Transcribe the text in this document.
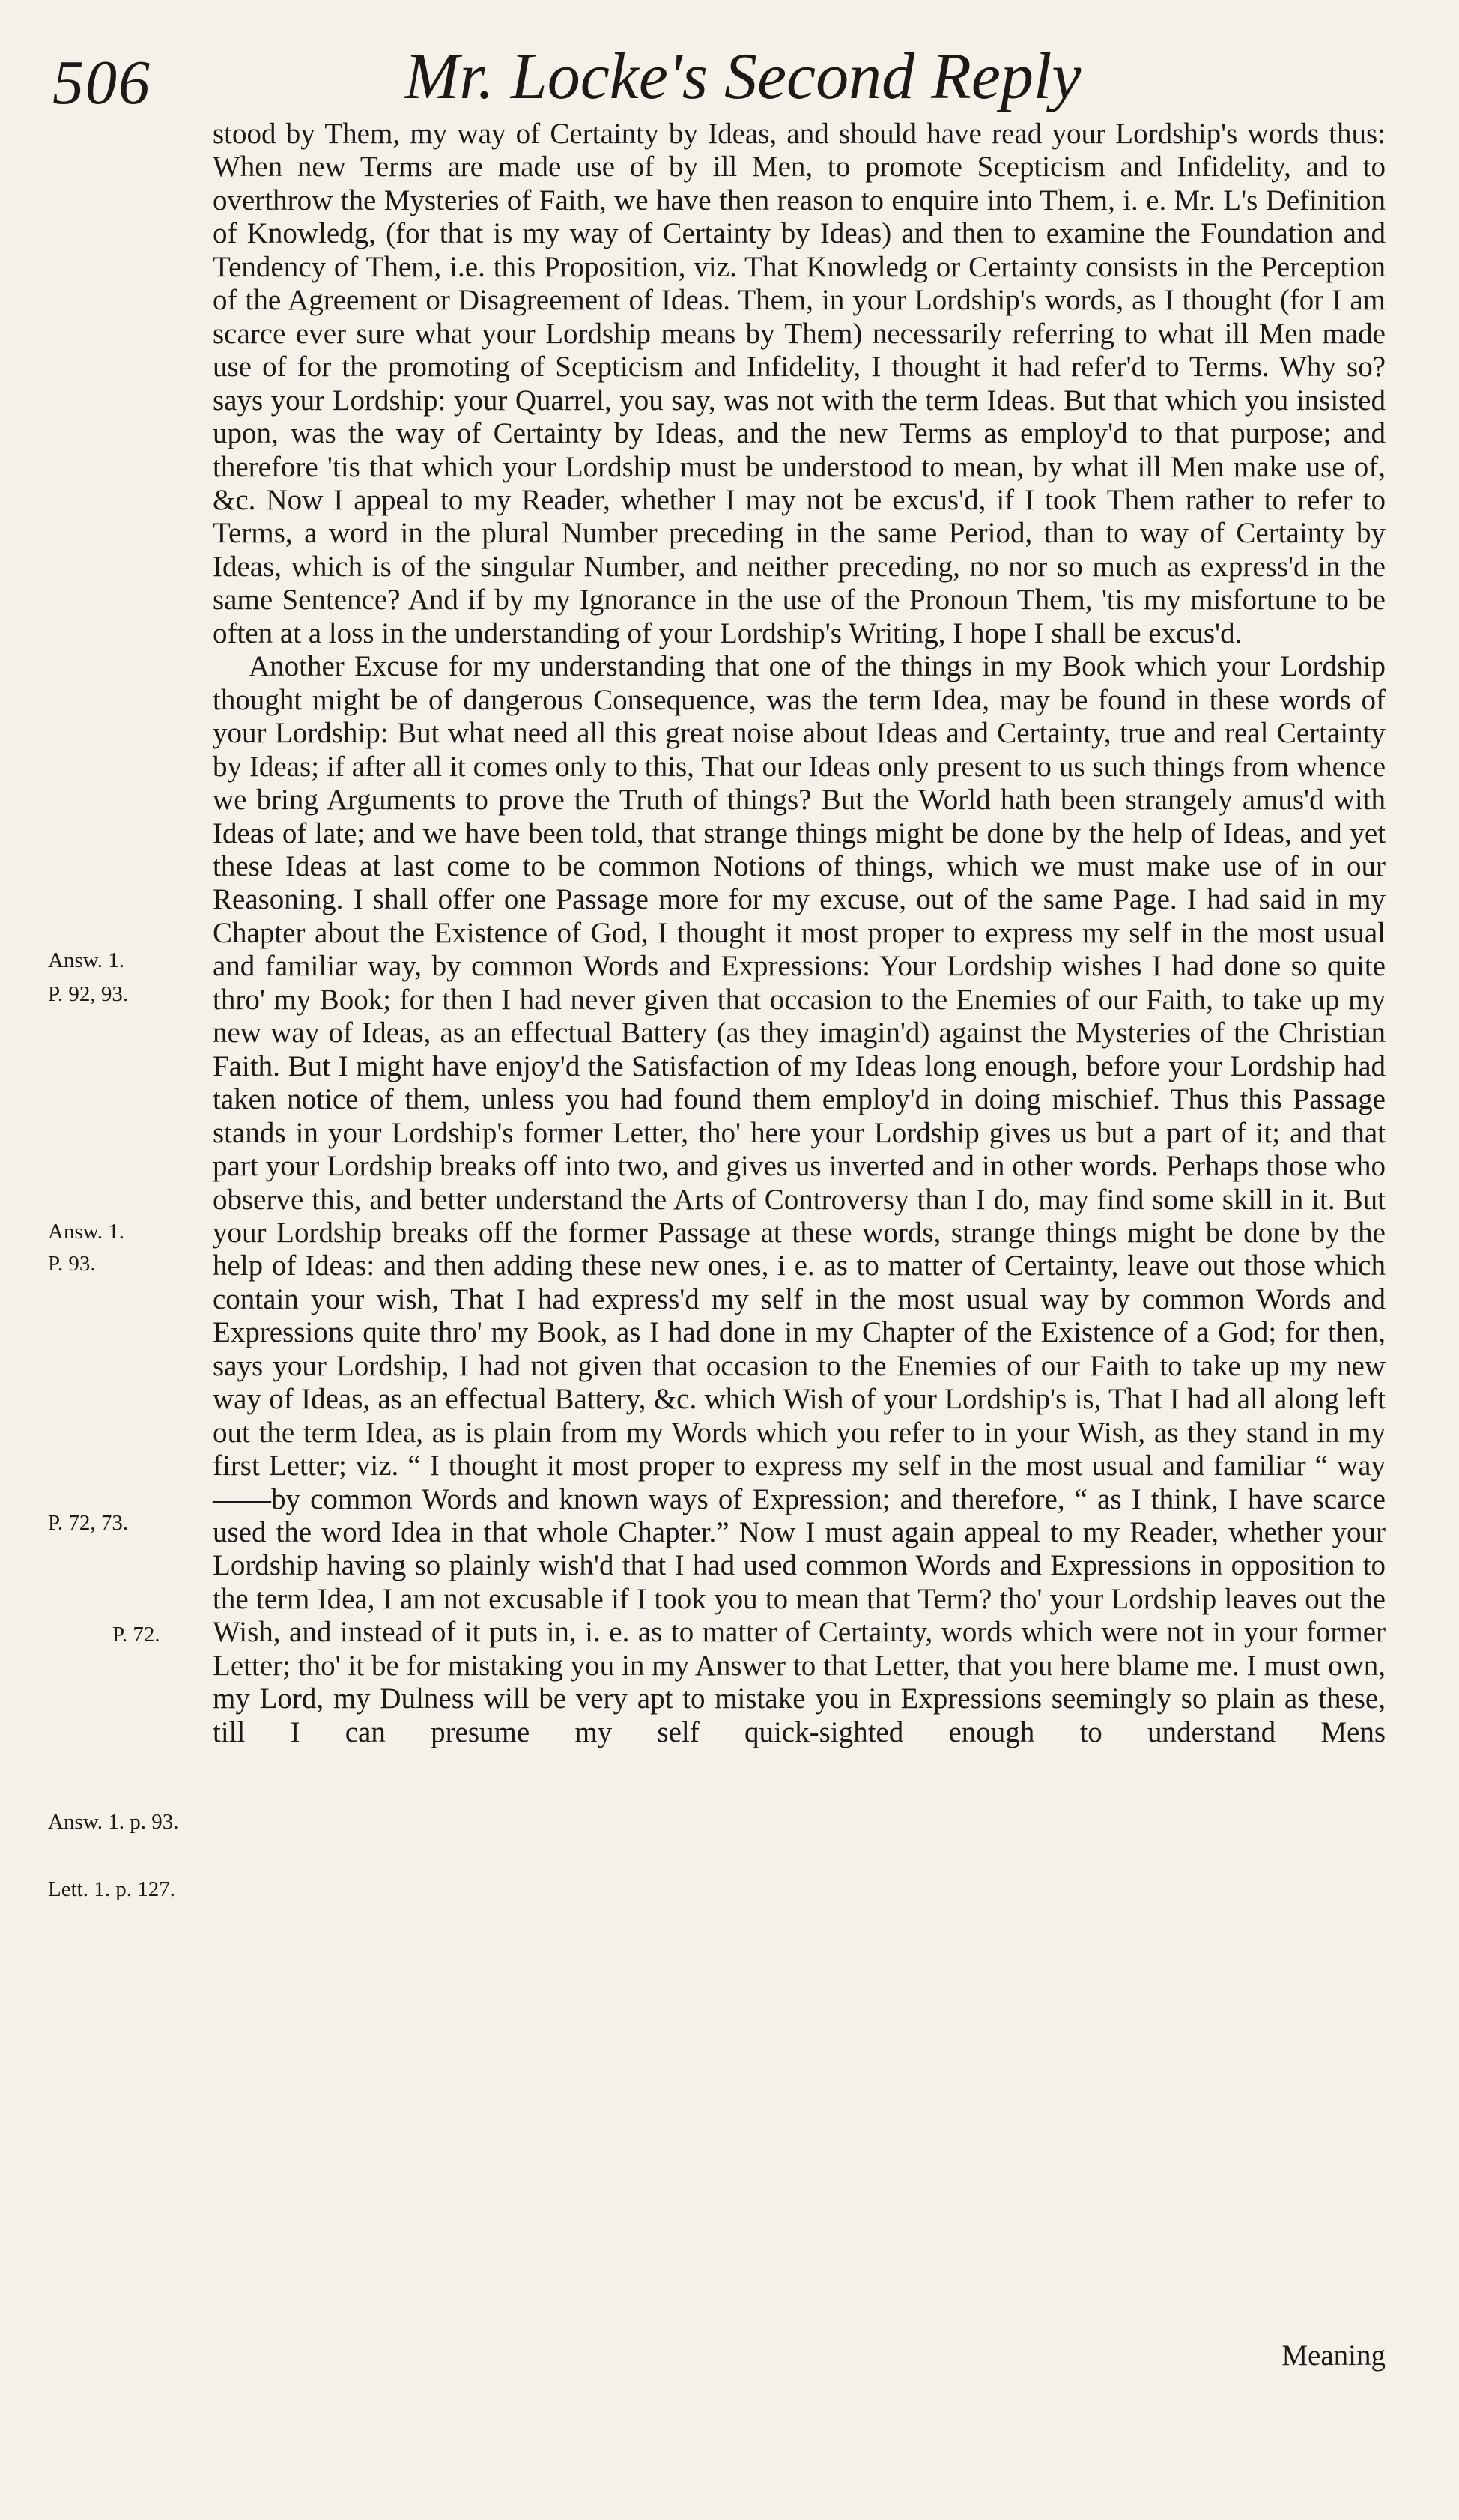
506	Mr. Locke's Second Reply
Answ. 1.
P. 92, 93.
Answ. 1.
P. 93.
P. 72, 73.
P. 72.
Answ. 1. p. 93.
Lett. 1. p. 127.

stood by Them, my way of Certainty by Ideas, and should have read your Lordship's words thus: When new Terms are made use of by ill Men, to promote Scepticism and Infidelity, and to overthrow the Mysteries of Faith, we have then reason to enquire into Them, i. e. Mr. L's Definition of Knowledg, (for that is my way of Certainty by Ideas) and then to examine the Foundation and Tendency of Them, i.e. this Proposition, viz. That Knowledg or Certainty consists in the Perception of the Agreement or Disagreement of Ideas. Them, in your Lordship's words, as I thought (for I am scarce ever sure what your Lordship means by Them) necessarily referring to what ill Men made use of for the promoting of Scepticism and Infidelity, I thought it had refer'd to Terms. Why so? says your Lordship: your Quarrel, you say, was not with the term Ideas. But that which you insisted upon, was the way of Certainty by Ideas, and the new Terms as employ'd to that purpose; and therefore 'tis that which your Lordship must be understood to mean, by what ill Men make use of, &c. Now I appeal to my Reader, whether I may not be excus'd, if I took Them rather to refer to Terms, a word in the plural Number preceding in the same Period, than to way of Certainty by Ideas, which is of the singular Number, and neither preceding, no nor so much as express'd in the same Sentence? And if by my Ignorance in the use of the Pronoun Them, 'tis my misfortune to be often at a loss in the understanding of your Lordship's Writing, I hope I shall be excus'd.

Another Excuse for my understanding that one of the things in my Book which your Lordship thought might be of dangerous Consequence, was the term Idea, may be found in these words of your Lordship: But what need all this great noise about Ideas and Certainty, true and real Certainty by Ideas; if after all it comes only to this, That our Ideas only present to us such things from whence we bring Arguments to prove the Truth of things? But the World hath been strangely amus'd with Ideas of late; and we have been told, that strange things might be done by the help of Ideas, and yet these Ideas at last come to be common Notions of things, which we must make use of in our Reasoning. I shall offer one Passage more for my excuse, out of the same Page. I had said in my Chapter about the Existence of God, I thought it most proper to express my self in the most usual and familiar way, by common Words and Expressions: Your Lordship wishes I had done so quite thro' my Book; for then I had never given that occasion to the Enemies of our Faith, to take up my new way of Ideas, as an effectual Battery (as they imagin'd) against the Mysteries of the Christian Faith. But I might have enjoy'd the Satisfaction of my Ideas long enough, before your Lordship had taken notice of them, unless you had found them employ'd in doing mischief. Thus this Passage stands in your Lordship's former Letter, tho' here your Lordship gives us but a part of it; and that part your Lordship breaks off into two, and gives us inverted and in other words. Perhaps those who observe this, and better understand the Arts of Controversy than I do, may find some skill in it. But your Lordship breaks off the former Passage at these words, strange things might be done by the help of Ideas: and then adding these new ones, i e. as to matter of Certainty, leave out those which contain your wish, That I had express'd my self in the most usual way by common Words and Expressions quite thro' my Book, as I had done in my Chapter of the Existence of a God; for then, says your Lordship, I had not given that occasion to the Enemies of our Faith to take up my new way of Ideas, as an effectual Battery, &c. which Wish of your Lordship's is, That I had all along left out the term Idea, as is plain from my Words which you refer to in your Wish, as they stand in my first Letter; viz. “ I thought it most proper to express my self in the most usual and familiar “ way——by common Words and known ways of Expression; and therefore, “ as I think, I have scarce used the word Idea in that whole Chapter.” Now I must again appeal to my Reader, whether your Lordship having so plainly wish'd that I had used common Words and Expressions in opposition to the term Idea, I am not excusable if I took you to mean that Term? tho' your Lordship leaves out the Wish, and instead of it puts in, i. e. as to matter of Certainty, words which were not in your former Letter; tho' it be for mistaking you in my Answer to that Letter, that you here blame me. I must own, my Lord, my Dulness will be very apt to mistake you in Expressions seemingly so plain as these, till I can presume my self quick-sighted enough to understand Mens

Meaning
